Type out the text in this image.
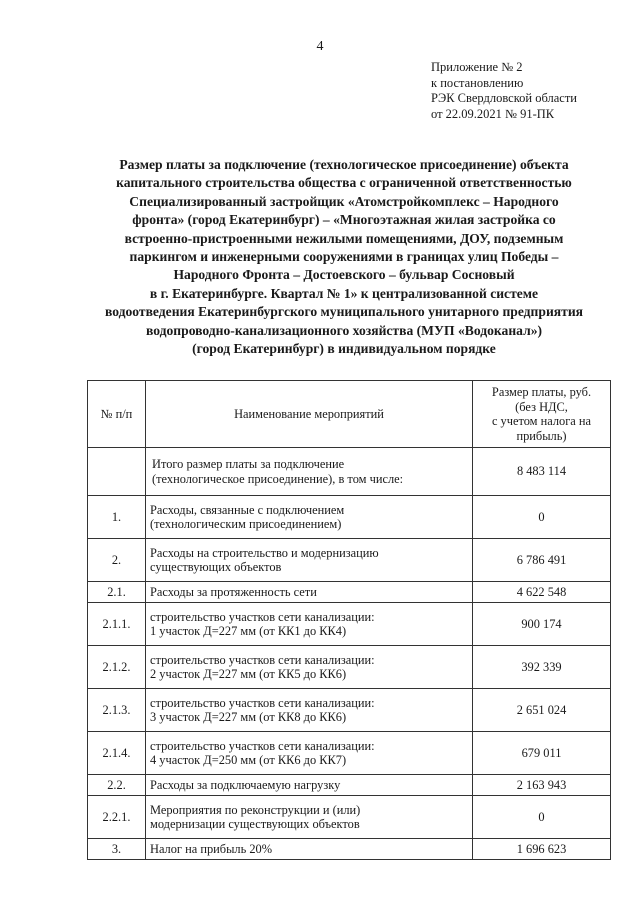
4
Приложение № 2
к постановлению
РЭК Свердловской области
от 22.09.2021 № 91-ПК
Размер платы за подключение (технологическое присоединение) объекта
капитального строительства общества с ограниченной ответственностью
Специализированный застройщик «Атомстройкомплекс – Народного
фронта» (город Екатеринбург) – «Многоэтажная жилая застройка со
встроенно-пристроенными нежилыми помещениями, ДОУ, подземным
паркингом и инженерными сооружениями в границах улиц Победы –
Народного Фронта – Достоевского – бульвар Сосновый
в г. Екатеринбурге. Квартал № 1» к централизованной системе
водоотведения Екатеринбургского муниципального унитарного предприятия
водопроводно-канализационного хозяйства (МУП «Водоканал»)
(город Екатеринбург) в индивидуальном порядке
№ п/п	Наименование мероприятий	Размер платы, руб.
(без НДС,
с учетом налога на
прибыль)

	Итого размер платы за подключение
(технологическое присоединение), в том числе:	8 483 114
1.	Расходы, связанные с подключением
(технологическим присоединением)	0
2.	Расходы на строительство и модернизацию
существующих объектов	6 786 491
2.1.	Расходы за протяженность сети	4 622 548
2.1.1.	строительство участков сети канализации:
1 участок Д=227 мм (от КК1 до КК4)	900 174
2.1.2.	строительство участков сети канализации:
2 участок Д=227 мм (от КК5 до КК6)	392 339
2.1.3.	строительство участков сети канализации:
3 участок Д=227 мм (от КК8 до КК6)	2 651 024
2.1.4.	строительство участков сети канализации:
4 участок Д=250 мм (от КК6 до КК7)	679 011
2.2.	Расходы за подключаемую нагрузку	2 163 943
2.2.1.	Мероприятия по реконструкции и (или)
модернизации существующих объектов	0
3.	Налог на прибыль 20%	1 696 623
